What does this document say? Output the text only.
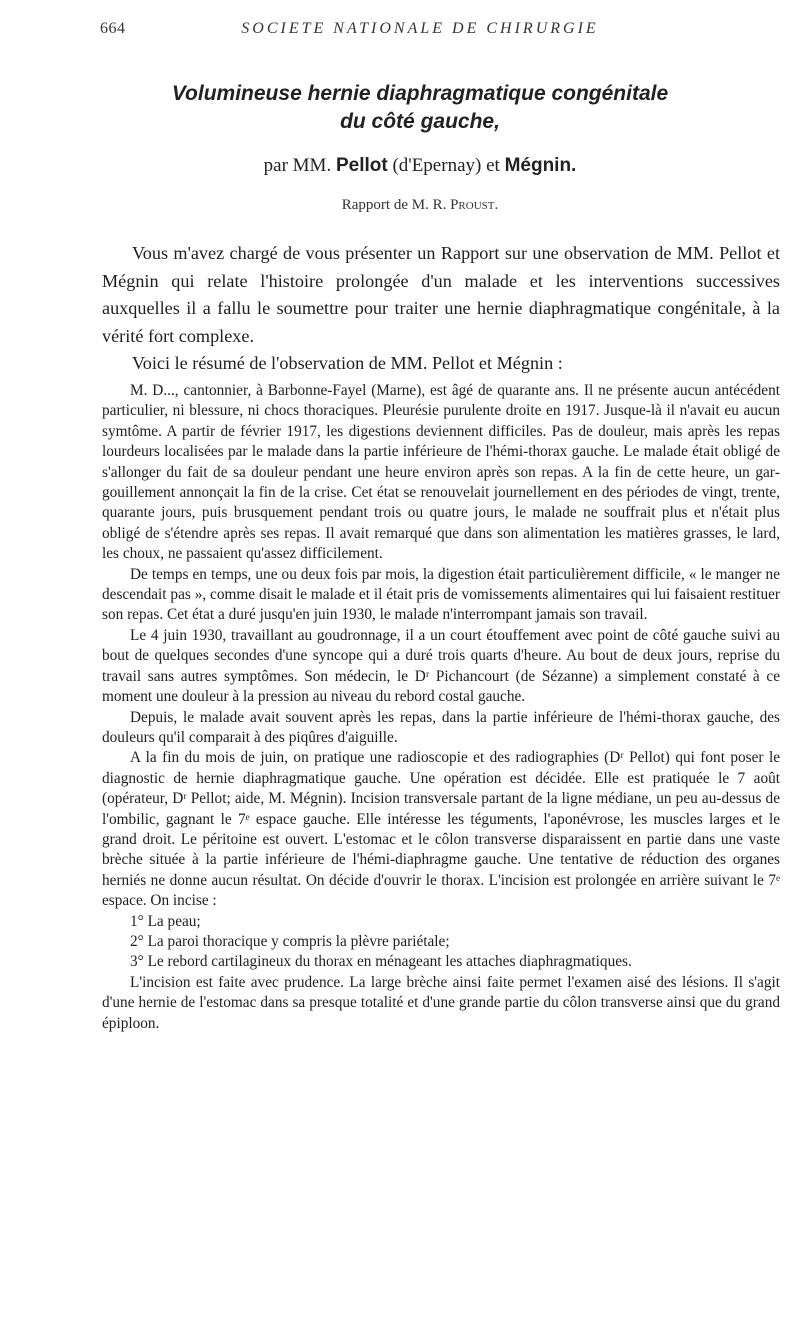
664	SOCIETE NATIONALE DE CHIRURGIE
Volumineuse hernie diaphragmatique congénitale
du côté gauche,
par MM. Pellot (d'Epernay) et Mégnin.
Rapport de M. R. Proust.

Vous m'avez chargé de vous présenter un Rapport sur une observation de MM. Pellot et Mégnin qui relate l'histoire prolongée d'un malade et les interventions successives auxquelles il a fallu le soumettre pour traiter une hernie diaphragmatique congénitale, à la vérité fort complexe.

Voici le résumé de l'observation de MM. Pellot et Mégnin :

M. D..., cantonnier, à Barbonne-Fayel (Marne), est âgé de quarante ans. Il ne présente aucun antécédent particulier, ni blessure, ni chocs thoraciques. Pleurésie purulente droite en 1917. Jusque-là il n'avait eu aucun symtôme. A partir de février 1917, les digestions deviennent difficiles. Pas de douleur, mais après les repas lourdeurs localisées par le malade dans la partie inférieure de l'hémi-thorax gauche. Le malade était obligé de s'allonger du fait de sa douleur pendant une heure environ après son repas. A la fin de cette heure, un gargouillement annonçait la fin de la crise. Cet état se renouvelait journellement en des périodes de vingt, trente, quarante jours, puis brusquement pendant trois ou quatre jours, le malade ne souffrait plus et n'était plus obligé de s'étendre après ses repas. Il avait remarqué que dans son alimentation les matières grasses, le lard, les choux, ne passaient qu'assez difficilement.

De temps en temps, une ou deux fois par mois, la digestion était particulièrement difficile, « le manger ne descendait pas », comme disait le malade et il était pris de vomissements alimentaires qui lui faisaient restituer son repas. Cet état a duré jusqu'en juin 1930, le malade n'interrompant jamais son travail.

Le 4 juin 1930, travaillant au goudronnage, il a un court étouffement avec point de côté gauche suivi au bout de quelques secondes d'une syncope qui a duré trois quarts d'heure. Au bout de deux jours, reprise du travail sans autres symptômes. Son médecin, le Dʳ Pichancourt (de Sézanne) a simplement constaté à ce moment une douleur à la pression au niveau du rebord costal gauche.

Depuis, le malade avait souvent après les repas, dans la partie inférieure de l'hémi-thorax gauche, des douleurs qu'il comparait à des piqûres d'aiguille.

A la fin du mois de juin, on pratique une radioscopie et des radiographies (Dʳ Pellot) qui font poser le diagnostic de hernie diaphragmatique gauche. Une opération est décidée. Elle est pratiquée le 7 août (opérateur, Dʳ Pellot; aide, M. Mégnin). Incision transversale partant de la ligne médiane, un peu au-dessus de l'ombilic, gagnant le 7ᵉ espace gauche. Elle intéresse les téguments, l'aponévrose, les muscles larges et le grand droit. Le péritoine est ouvert. L'estomac et le côlon transverse disparaissent en partie dans une vaste brèche située à la partie inférieure de l'hémi-diaphragme gauche. Une tentative de réduction des organes herniés ne donne aucun résultat. On décide d'ouvrir le thorax. L'incision est prolongée en arrière suivant le 7ᵉ espace. On incise :

1° La peau;

2° La paroi thoracique y compris la plèvre pariétale;

3° Le rebord cartilagineux du thorax en ménageant les attaches diaphragmatiques.

L'incision est faite avec prudence. La large brèche ainsi faite permet l'examen aisé des lésions. Il s'agit d'une hernie de l'estomac dans sa presque totalité et d'une grande partie du côlon transverse ainsi que du grand épiploon.
